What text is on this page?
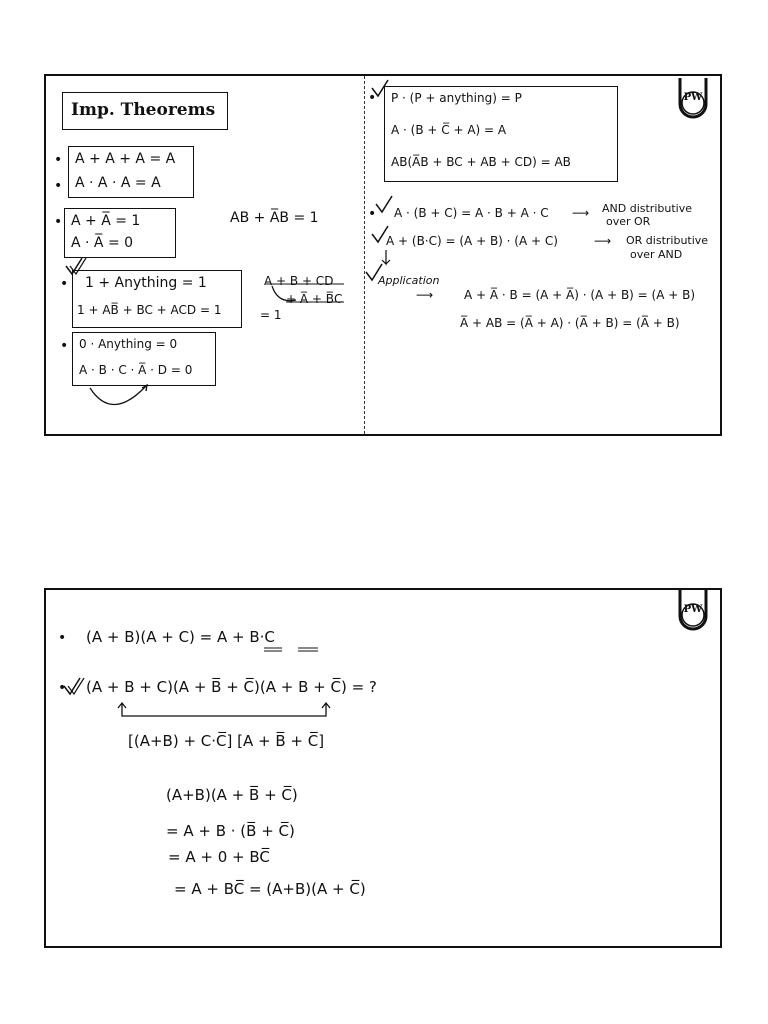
Imp. Theorems
•
•
A + A + A = A
A · A · A = A
• A + A̅ = 1
A · A̅ = 0
AB + A̅B = 1
• 1 + Anything = 1
1 + AB̅ + BC + ACD = 1
A + B + CD
+ A̅ + B̅C
= 1
• 0 · Anything = 0
A · B · C · A̅ · D = 0
• P · (P + anything) = P
A · (B + C̅ + A) = A
AB(A̅B + BC + AB + CD) = AB
• A · (B + C) = A · B + A · C ⟶ AND distributive
over OR
A + (B·C) = (A + B) · (A + C)	⟶ OR distributive
over AND
Application
⟶	A + A̅ · B = (A + A̅) · (A + B) = (A + B)
A̅ + AB = (A̅ + A) · (A̅ + B) = (A̅ + B)
PW
• (A + B)(A + C) = A + B·C
• (A + B + C)(A + B̅ + C̅)(A + B + C̅) = ?
[(A+B) + C·C̅] [A + B̅ + C̅]
(A+B)(A + B̅ + C̅)
= A + B · (B̅ + C̅)
= A + 0 + BC̅
= A + BC̅ = (A+B)(A + C̅)
PW
